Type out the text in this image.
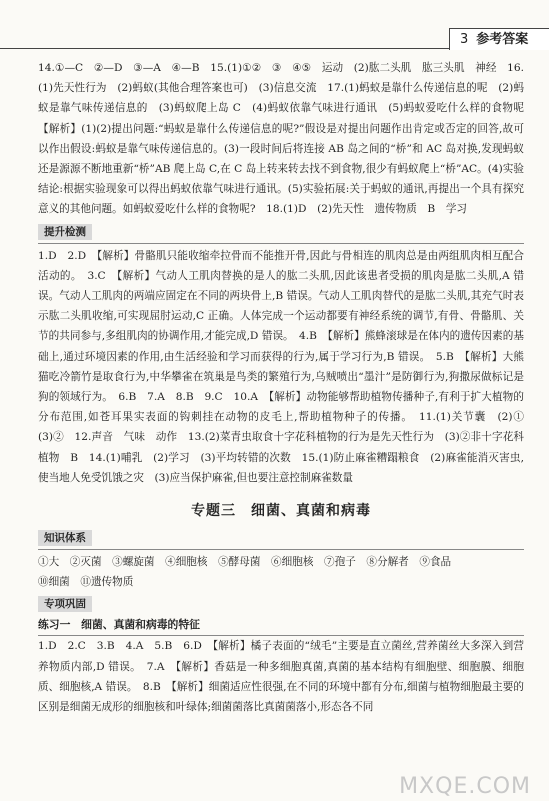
3 参考答案

14.①—C　②—D　③—A　④—B　15.(1)①②　③　④⑤　运动　(2)肱二头肌　肱三头肌　神经　16.(1)先天性行为　(2)蚂蚁(其他合理答案也可)　(3)信息交流　17.(1)蚂蚁是靠什么传递信息的呢　(2)蚂蚁是靠气味传递信息的　(3)蚂蚁爬上岛 C　(4)蚂蚁依靠气味进行通讯　(5)蚂蚁爱吃什么样的食物呢　【解析】(1)(2)提出问题:“蚂蚁是靠什么传递信息的呢?”假设是对提出问题作出肯定或否定的回答,故可以作出假设:蚂蚁是靠气味传递信息的。(3)一段时间后将连接 AB 岛之间的“桥”和 AC 岛对换,发现蚂蚁还是源源不断地重新“桥”AB 爬上岛 C,在 C 岛上转来转去找不到食物,很少有蚂蚁爬上“桥”AC。(4)实验结论:根据实验现象可以得出蚂蚁依靠气味进行通讯。(5)实验拓展:关于蚂蚁的通讯,再提出一个具有探究意义的其他问题。如蚂蚁爱吃什么样的食物呢?　18.(1)D　(2)先天性　遗传物质　B　学习

提升检测

1.D　2.D　【解析】骨骼肌只能收缩牵拉骨而不能推开骨,因此与骨相连的肌肉总是由两组肌肉相互配合活动的。　3.C　【解析】气动人工肌肉替换的是人的肱二头肌,因此该患者受损的肌肉是肱二头肌,A 错误。气动人工肌肉的两端应固定在不同的两块骨上,B 错误。气动人工肌肉替代的是肱二头肌,其充气时表示肱二头肌收缩,可实现屈肘运动,C 正确。人体完成一个运动都要有神经系统的调节,有骨、骨骼肌、关节的共同参与,多组肌肉的协调作用,才能完成,D 错误。　4.B　【解析】熊蜂滚球是在体内的遗传因素的基础上,通过环境因素的作用,由生活经验和学习而获得的行为,属于学习行为,B 错误。　5.B　【解析】大熊猫吃冷箭竹是取食行为,中华攀雀在筑巢是鸟类的繁殖行为,乌贼喷出“墨汁”是防御行为,狗撒尿做标记是狗的领域行为。　6.B　7.A　8.B　9.C　10.A　【解析】动物能够帮助植物传播种子,有利于扩大植物的分布范围,如苍耳果实表面的钩刺挂在动物的皮毛上,帮助植物种子的传播。　11.(1)关节囊　(2)①　(3)②　12.声音　气味　动作　13.(2)菜青虫取食十字花科植物的行为是先天性行为　(3)②非十字花科植物　B　14.(1)哺乳　(2)学习　(3)平均转错的次数　15.(1)防止麻雀糟蹋粮食　(2)麻雀能消灭害虫,使当地人免受饥饿之灾　(3)应当保护麻雀,但也要注意控制麻雀数量

专题三　细菌、真菌和病毒
知识体系

①大　②灭菌　③螺旋菌　④细胞核　⑤酵母菌　⑥细胞核　⑦孢子　⑧分解者　⑨食品

⑩细菌　⑪遗传物质

专项巩固
练习一　细菌、真菌和病毒的特征

1.D　2.C　3.B　4.A　5.B　6.D　【解析】橘子表面的“绒毛”主要是直立菌丝,营养菌丝大多深入到营养物质内部,D 错误。　7.A　【解析】香菇是一种多细胞真菌,真菌的基本结构有细胞壁、细胞膜、细胞质、细胞核,A 错误。　8.B　【解析】细菌适应性很强,在不同的环境中都有分布,细菌与植物细胞最主要的区别是细菌无成形的细胞核和叶绿体;细菌菌落比真菌菌落小,形态各不同

MXQE.COM
